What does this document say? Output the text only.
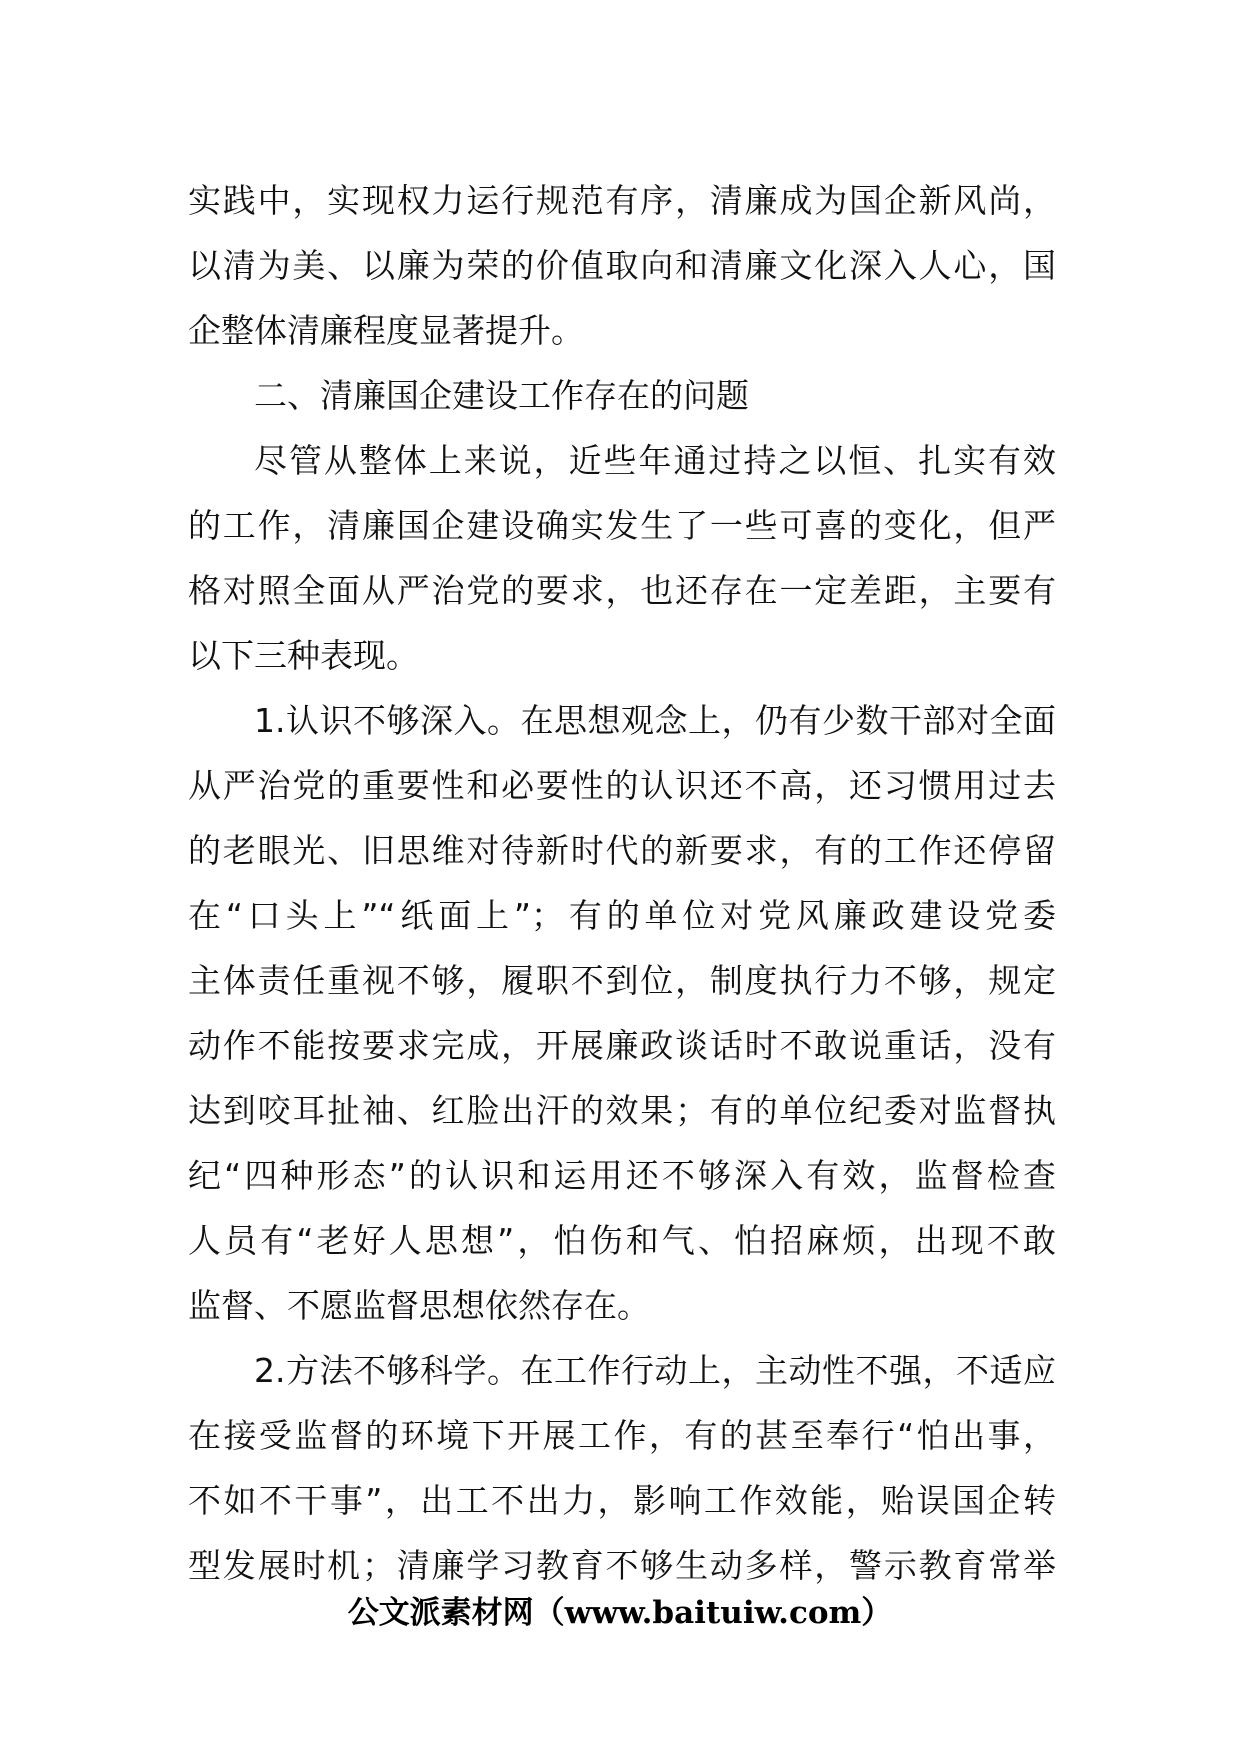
实践中，实现权力运行规范有序，清廉成为国企新风尚，
以清为美、以廉为荣的价值取向和清廉文化深入人心，国
企整体清廉程度显著提升。
二、清廉国企建设工作存在的问题
尽管从整体上来说，近些年通过持之以恒、扎实有效
的工作，清廉国企建设确实发生了一些可喜的变化，但严
格对照全面从严治党的要求，也还存在一定差距，主要有
以下三种表现。
1.认识不够深入。在思想观念上，仍有少数干部对全面
从严治党的重要性和必要性的认识还不高，还习惯用过去
的老眼光、旧思维对待新时代的新要求，有的工作还停留
在“口头上”“纸面上”；有的单位对党风廉政建设党委
主体责任重视不够，履职不到位，制度执行力不够，规定
动作不能按要求完成，开展廉政谈话时不敢说重话，没有
达到咬耳扯袖、红脸出汗的效果；有的单位纪委对监督执
纪“四种形态”的认识和运用还不够深入有效，监督检查
人员有“老好人思想”，怕伤和气、怕招麻烦，出现不敢
监督、不愿监督思想依然存在。
2.方法不够科学。在工作行动上，主动性不强，不适应
在接受监督的环境下开展工作，有的甚至奉行“怕出事，
不如不干事”，出工不出力，影响工作效能，贻误国企转
型发展时机；清廉学习教育不够生动多样，警示教育常举
公文派素材网（www.baituiw.com）
